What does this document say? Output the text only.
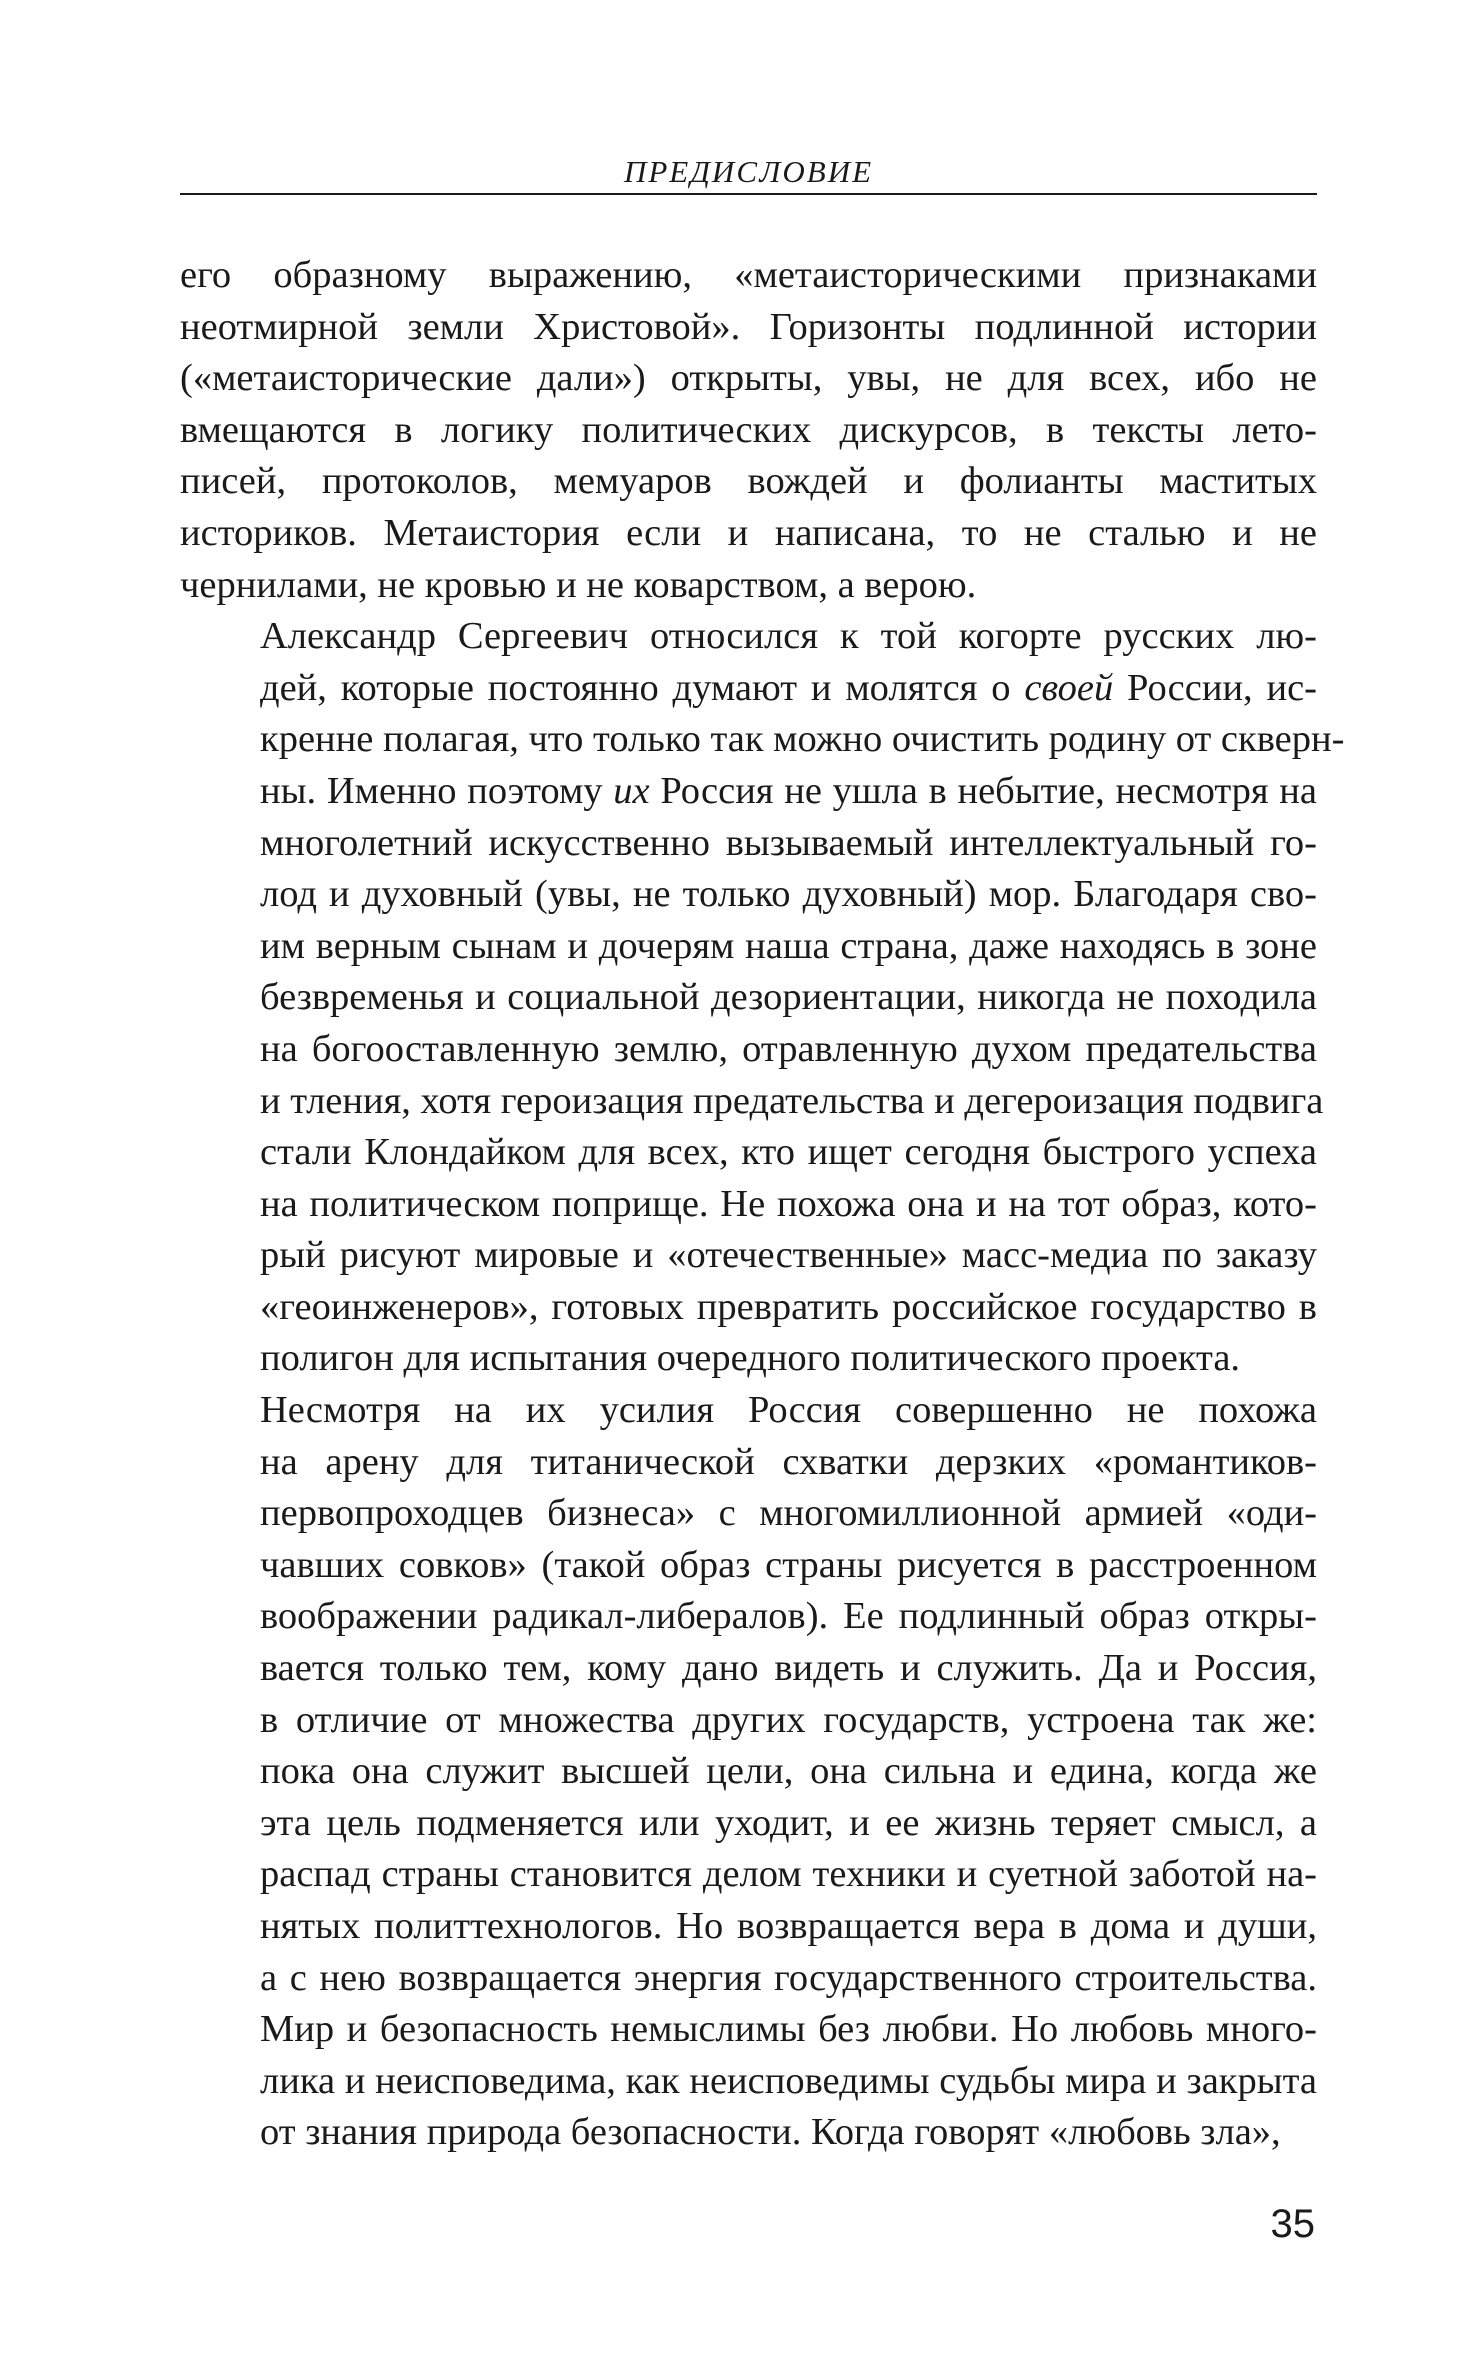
ПРЕДИСЛОВИЕ

его образному выражению, «метаисторическими признаками
неотмирной земли Христовой». Горизонты подлинной истории
(«метаисторические дали») открыты, увы, не для всех, ибо не
вмещаются в логику политических дискурсов, в тексты лето-
писей, протоколов, мемуаров вождей и фолианты маститых
историков. Метаистория если и написана, то не сталью и не
чернилами, не кровью и не коварством, а верою.

Александр Сергеевич относился к той когорте русских лю-
дей, которые постоянно думают и молятся о своей России, ис-
кренне полагая, что только так можно очистить родину от скверн-
ны. Именно поэтому их Россия не ушла в небытие, несмотря на
многолетний искусственно вызываемый интеллектуальный го-
лод и духовный (увы, не только духовный) мор. Благодаря сво-
им верным сынам и дочерям наша страна, даже находясь в зоне
безвременья и социальной дезориентации, никогда не походила
на богооставленную землю, отравленную духом предательства
и тления, хотя героизация предательства и дегероизация подвига
стали Клондайком для всех, кто ищет сегодня быстрого успеха
на политическом поприще. Не похожа она и на тот образ, кото-
рый рисуют мировые и «отечественные» масс-медиа по заказу
«геоинженеров», готовых превратить российское государство в
полигон для испытания очередного политического проекта.

Несмотря на их усилия Россия совершенно не похожа
на арену для титанической схватки дерзких «романтиков-
первопроходцев бизнеса» с многомиллионной армией «оди-
чавших совков» (такой образ страны рисуется в расстроенном
воображении радикал-либералов). Ее подлинный образ откры-
вается только тем, кому дано видеть и служить. Да и Россия,
в отличие от множества других государств, устроена так же:
пока она служит высшей цели, она сильна и едина, когда же
эта цель подменяется или уходит, и ее жизнь теряет смысл, а
распад страны становится делом техники и суетной заботой на-
нятых политтехнологов. Но возвращается вера в дома и души,
а с нею возвращается энергия государственного строительства.
Мир и безопасность немыслимы без любви. Но любовь много-
лика и неисповедима, как неисповедимы судьбы мира и закрыта
от знания природа безопасности. Когда говорят «любовь зла»,

35
